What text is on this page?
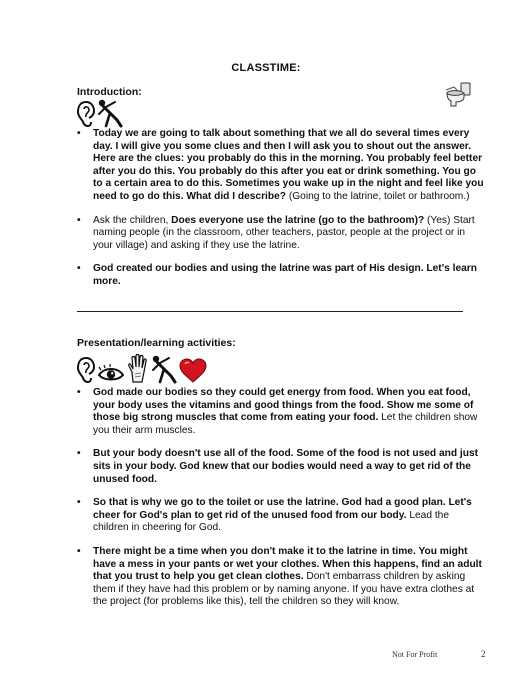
CLASSTIME:
Introduction:
• Today we are going to talk about something that we all do several times every day. I will give you some clues and then I will ask you to shout out the answer. Here are the clues: you probably do this in the morning. You probably feel better after you do this. You probably do this after you eat or drink something. You go to a certain area to do this. Sometimes you wake up in the night and feel like you need to go do this. What did I describe? (Going to the latrine, toilet or bathroom.)
• Ask the children, Does everyone use the latrine (go to the bathroom)? (Yes) Start naming people (in the classroom, other teachers, pastor, people at the project or in your village) and asking if they use the latrine.
• God created our bodies and using the latrine was part of His design. Let's learn more.
Presentation/learning activities:
• God made our bodies so they could get energy from food. When you eat food, your body uses the vitamins and good things from the food. Show me some of those big strong muscles that come from eating your food. Let the children show you their arm muscles.
• But your body doesn't use all of the food. Some of the food is not used and just sits in your body. God knew that our bodies would need a way to get rid of the unused food.
• So that is why we go to the toilet or use the latrine. God had a good plan. Let's cheer for God's plan to get rid of the unused food from our body. Lead the children in cheering for God.
• There might be a time when you don't make it to the latrine in time. You might have a mess in your pants or wet your clothes. When this happens, find an adult that you trust to help you get clean clothes. Don't embarrass children by asking them if they have had this problem or by naming anyone. If you have extra clothes at the project (for problems like this), tell the children so they will know.
Not For Profit	2
